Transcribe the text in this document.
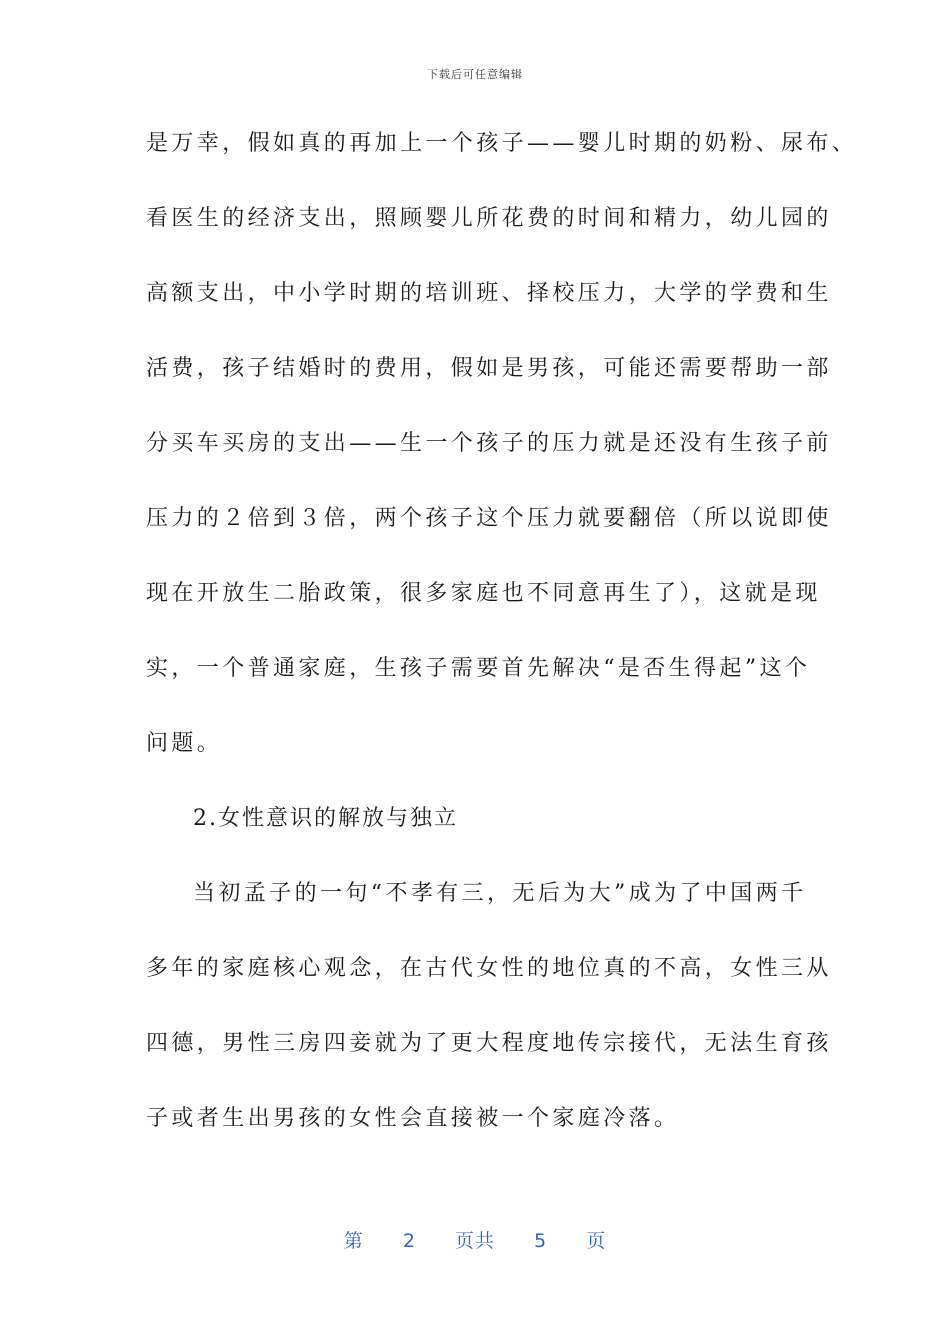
下载后可任意编辑
是万幸，假如真的再加上一个孩子——婴儿时期的奶粉、尿布、
看医生的经济支出，照顾婴儿所花费的时间和精力，幼儿园的
高额支出，中小学时期的培训班、择校压力，大学的学费和生
活费，孩子结婚时的费用，假如是男孩，可能还需要帮助一部
分买车买房的支出——生一个孩子的压力就是还没有生孩子前
压力的２倍到３倍，两个孩子这个压力就要翻倍（所以说即使
现在开放生二胎政策，很多家庭也不同意再生了），这就是现
实，一个普通家庭，生孩子需要首先解决“是否生得起”这个
问题。
2.女性意识的解放与独立
当初孟子的一句“不孝有三，无后为大”成为了中国两千
多年的家庭核心观念，在古代女性的地位真的不高，女性三从
四德，男性三房四妾就为了更大程度地传宗接代，无法生育孩
子或者生出男孩的女性会直接被一个家庭冷落。
第 2 页共 5 页
